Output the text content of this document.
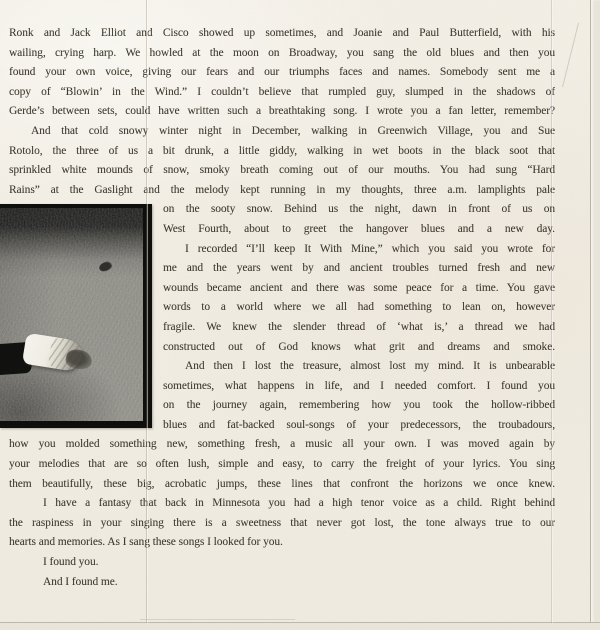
Ronk and Jack Elliot and Cisco showed up sometimes, and Joanie and Paul Butterfield, with his
wailing, crying harp. We howled at the moon on Broadway, you sang the old blues and then you
found your own voice, giving our fears and our triumphs faces and names. Somebody sent me a
copy of “Blowin’ in the Wind.” I couldn’t believe that rumpled guy, slumped in the shadows of
Gerde’s between sets, could have written such a breathtaking song. I wrote you a fan letter, remember?
And that cold snowy winter night in December, walking in Greenwich Village, you and Sue
Rotolo, the three of us a bit drunk, a little giddy, walking in wet boots in the black soot that
sprinkled white mounds of snow, smoky breath coming out of our mouths. You had sung “Hard
Rains” at the Gaslight and the melody kept running in my thoughts, three a.m. lamplights pale
on the sooty snow. Behind us the night, dawn in front of us on
West Fourth, about to greet the hangover blues and a new day.
I recorded “I’ll keep It With Mine,” which you said you wrote for
me and the years went by and ancient troubles turned fresh and new
wounds became ancient and there was some peace for a time. You gave
words to a world where we all had something to lean on, however
fragile. We knew the slender thread of ‘what is,’ a thread we had
constructed out of God knows what grit and dreams and smoke.
And then I lost the treasure, almost lost my mind. It is unbearable
sometimes, what happens in life, and I needed comfort. I found you
on the journey again, remembering how you took the hollow-ribbed
blues and fat-backed soul-songs of your predecessors, the troubadours,
how you molded something new, something fresh, a music all your own. I was moved again by
your melodies that are so often lush, simple and easy, to carry the freight of your lyrics. You sing
them beautifully, these big, acrobatic jumps, these lines that confront the horizons we once knew.
I have a fantasy that back in Minnesota you had a high tenor voice as a child. Right behind
the raspiness in your singing there is a sweetness that never got lost, the tone always true to our
hearts and memories. As I sang these songs I looked for you.
I found you.
And I found me.
